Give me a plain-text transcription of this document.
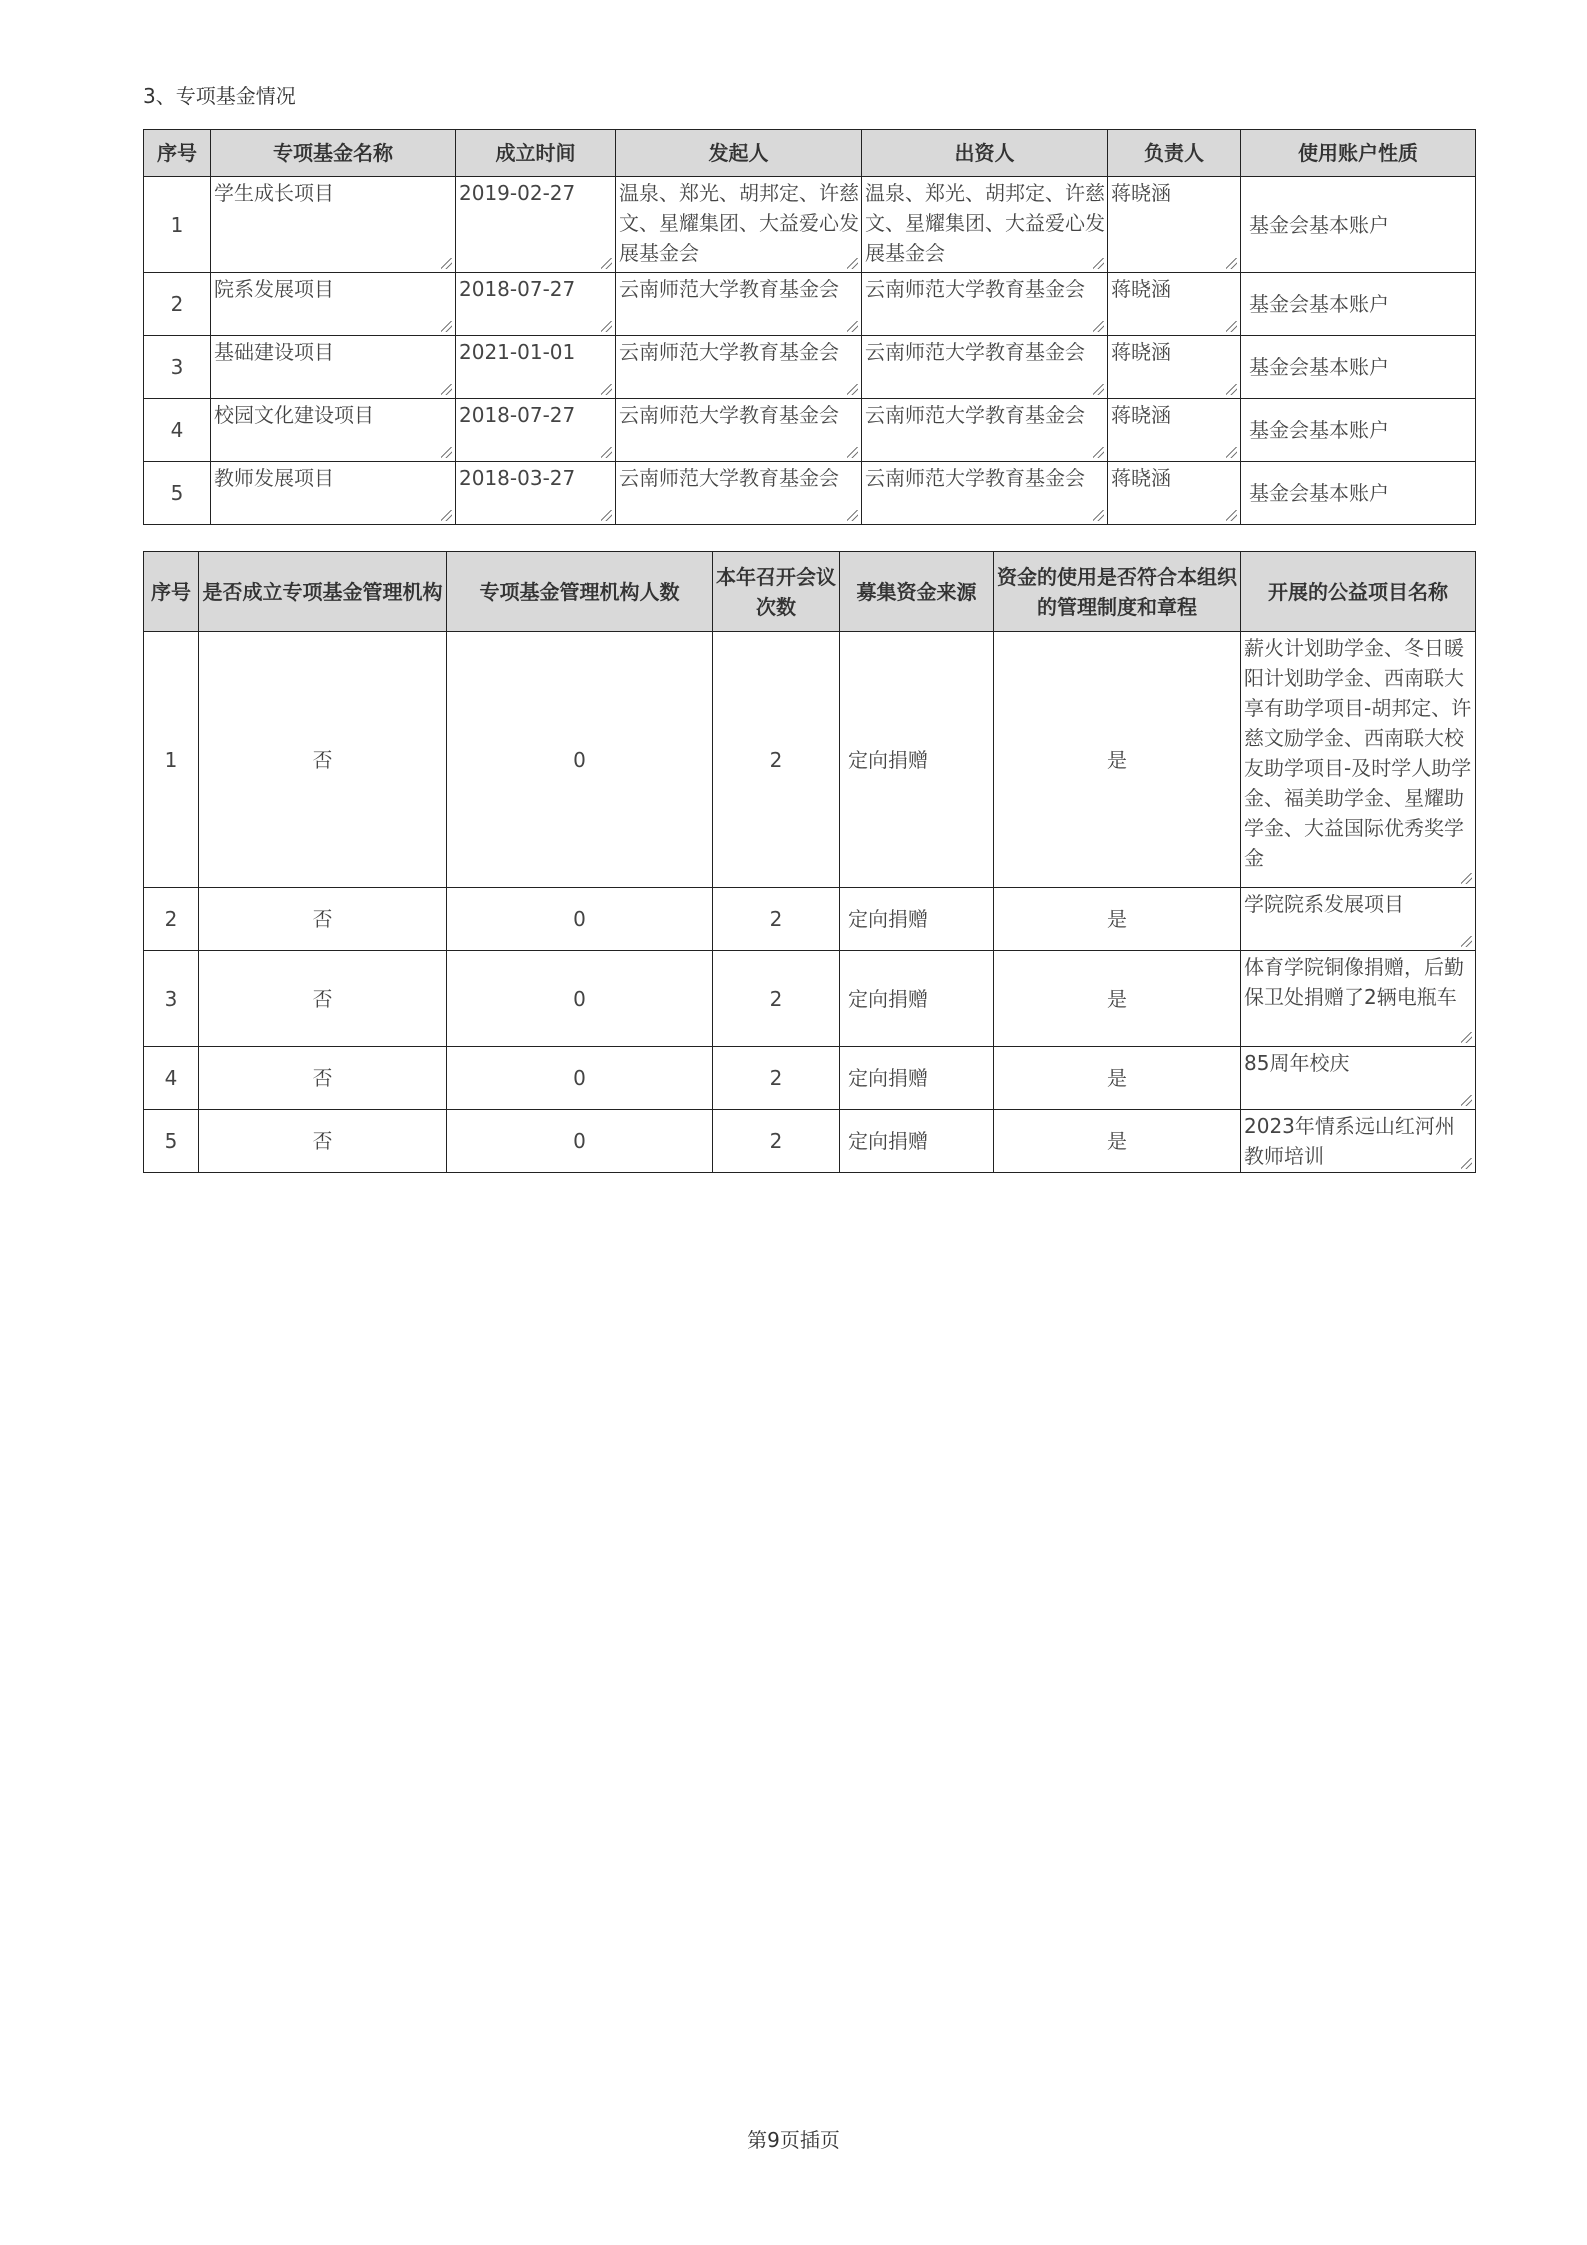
3、专项基金情况
序号	专项基金名称	成立时间	发起人	出资人	负责人	使用账户性质
1	学生成长项目	2019-02-27	温泉、郑光、胡邦定、许慈文、星耀集团、大益爱心发展基金会	温泉、郑光、胡邦定、许慈文、星耀集团、大益爱心发展基金会	蒋晓涵	基金会基本账户
2	院系发展项目	2018-07-27	云南师范大学教育基金会	云南师范大学教育基金会	蒋晓涵	基金会基本账户
3	基础建设项目	2021-01-01	云南师范大学教育基金会	云南师范大学教育基金会	蒋晓涵	基金会基本账户
4	校园文化建设项目	2018-07-27	云南师范大学教育基金会	云南师范大学教育基金会	蒋晓涵	基金会基本账户
5	教师发展项目	2018-03-27	云南师范大学教育基金会	云南师范大学教育基金会	蒋晓涵	基金会基本账户
序号	是否成立专项基金管理机构	专项基金管理机构人数	本年召开会议次数	募集资金来源	资金的使用是否符合本组织的管理制度和章程	开展的公益项目名称
1	否	0	2	定向捐赠	是	薪火计划助学金、冬日暖阳计划助学金、西南联大享有助学项目-胡邦定、许慈文励学金、西南联大校友助学项目-及时学人助学金、福美助学金、星耀助学金、大益国际优秀奖学金

2	否	0	2	定向捐赠	是	学院院系发展项目

3	否	0	2	定向捐赠	是	体育学院铜像捐赠，后勤保卫处捐赠了2辆电瓶车

4	否	0	2	定向捐赠	是	85周年校庆

5	否	0	2	定向捐赠	是	2023年情系远山红河州教师培训
第9页插页
